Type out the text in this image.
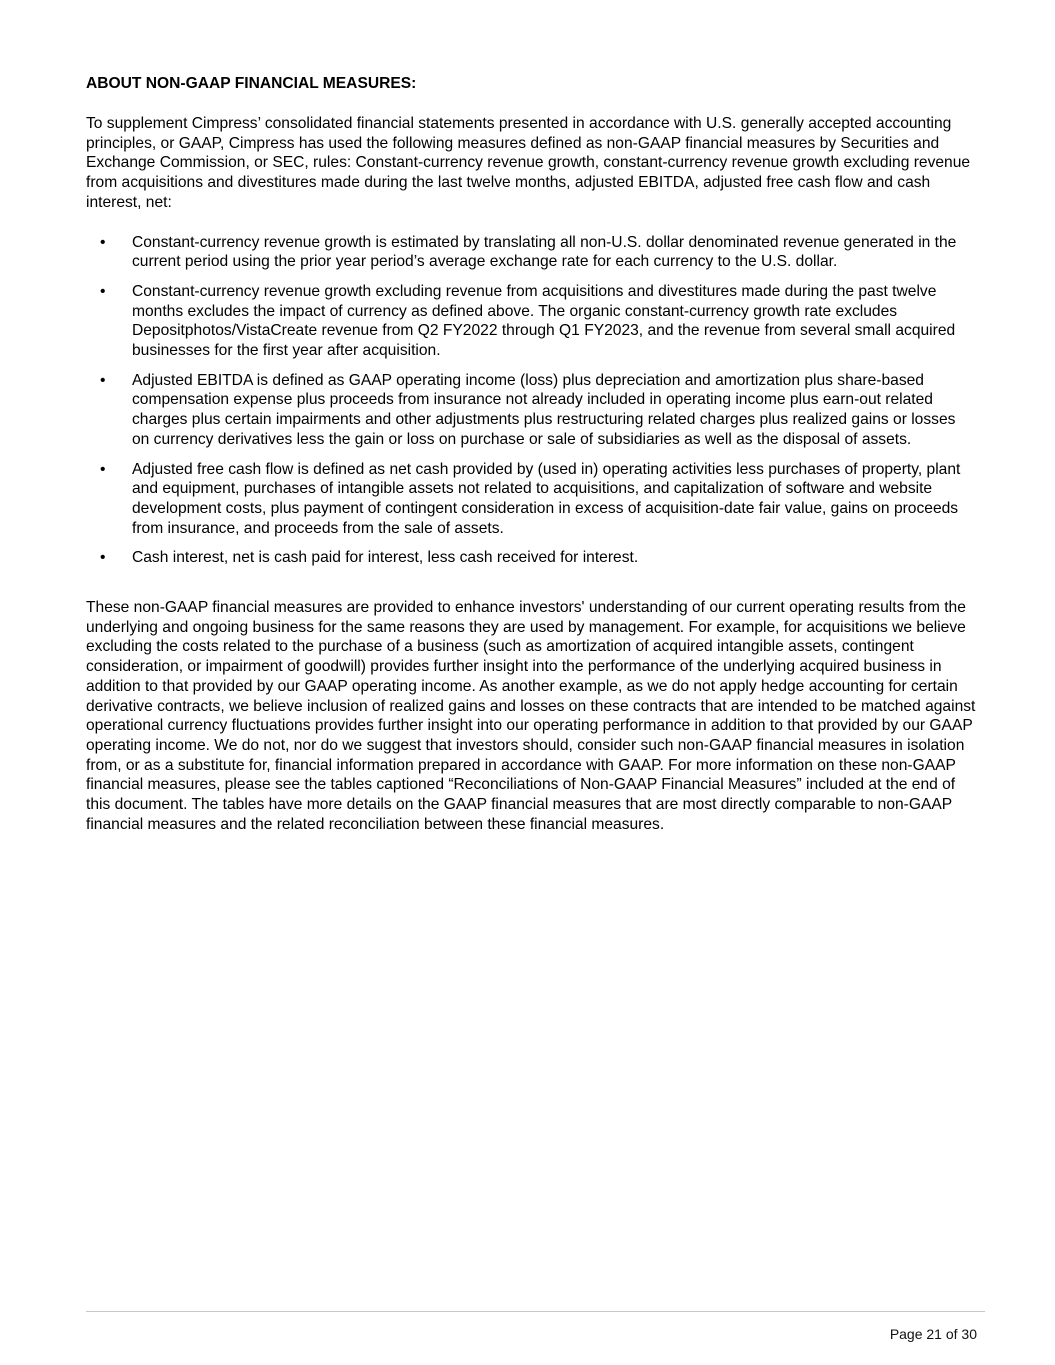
ABOUT NON-GAAP FINANCIAL MEASURES:

To supplement Cimpress’ consolidated financial statements presented in accordance with U.S. generally accepted accounting principles, or GAAP, Cimpress has used the following measures defined as non-GAAP financial measures by Securities and Exchange Commission, or SEC, rules: Constant-currency revenue growth, constant-currency revenue growth excluding revenue from acquisitions and divestitures made during the last twelve months, adjusted EBITDA, adjusted free cash flow and cash interest, net:

• Constant-currency revenue growth is estimated by translating all non-U.S. dollar denominated revenue generated in the current period using the prior year period’s average exchange rate for each currency to the U.S. dollar.
• Constant-currency revenue growth excluding revenue from acquisitions and divestitures made during the past twelve months excludes the impact of currency as defined above. The organic constant-currency growth rate excludes Depositphotos/VistaCreate revenue from Q2 FY2022 through Q1 FY2023, and the revenue from several small acquired businesses for the first year after acquisition.
• Adjusted EBITDA is defined as GAAP operating income (loss) plus depreciation and amortization plus share-based compensation expense plus proceeds from insurance not already included in operating income plus earn-out related charges plus certain impairments and other adjustments plus restructuring related charges plus realized gains or losses on currency derivatives less the gain or loss on purchase or sale of subsidiaries as well as the disposal of assets.
• Adjusted free cash flow is defined as net cash provided by (used in) operating activities less purchases of property, plant and equipment, purchases of intangible assets not related to acquisitions, and capitalization of software and website development costs, plus payment of contingent consideration in excess of acquisition-date fair value, gains on proceeds from insurance, and proceeds from the sale of assets.
• Cash interest, net is cash paid for interest, less cash received for interest.

These non-GAAP financial measures are provided to enhance investors' understanding of our current operating results from the underlying and ongoing business for the same reasons they are used by management. For example, for acquisitions we believe excluding the costs related to the purchase of a business (such as amortization of acquired intangible assets, contingent consideration, or impairment of goodwill) provides further insight into the performance of the underlying acquired business in addition to that provided by our GAAP operating income. As another example, as we do not apply hedge accounting for certain derivative contracts, we believe inclusion of realized gains and losses on these contracts that are intended to be matched against operational currency fluctuations provides further insight into our operating performance in addition to that provided by our GAAP operating income. We do not, nor do we suggest that investors should, consider such non-GAAP financial measures in isolation from, or as a substitute for, financial information prepared in accordance with GAAP. For more information on these non-GAAP financial measures, please see the tables captioned “Reconciliations of Non-GAAP Financial Measures” included at the end of this document. The tables have more details on the GAAP financial measures that are most directly comparable to non-GAAP financial measures and the related reconciliation between these financial measures.

Page 21 of 30
